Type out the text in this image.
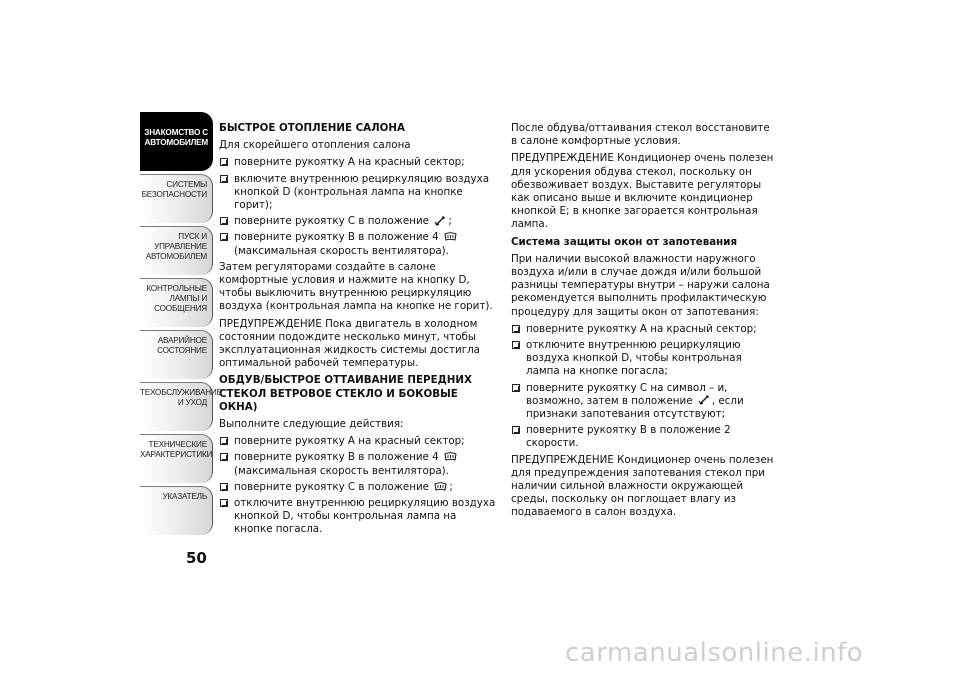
ЗНАКОМСТВО С
АВТОМОБИЛЕМ
СИСТЕМЫ
БЕЗОПАСНОСТИ
ПУСК И УПРАВЛЕНИЕ
АВТОМОБИЛЕМ
КОНТРОЛЬНЫЕ
ЛАМПЫ И
СООБЩЕНИЯ
АВАРИЙНОЕ
СОСТОЯНИЕ
ТЕХОБСЛУЖИВАНИЕ
И УХОД
ТЕХНИЧЕСКИЕ
ХАРАКТЕРИСТИКИ
УКАЗАТЕЛЬ
50
БЫСТРОЕ ОТОПЛЕНИЕ САЛОНА
Для скорейшего отопления салона
поверните рукоятку А на красный сектор;
включите внутреннюю рециркуляцию воздуха кнопкой D (контрольная лампа на кнопке горит);
поверните рукоятку С в положение ;
поверните рукоятку В в положение 4
(максимальная скорость вентилятора).
Затем регуляторами создайте в салоне комфортные условия и нажмите на кнопку D, чтобы выключить внутреннюю рециркуляцию воздуха (контрольная лампа на кнопке не горит).
ПРЕДУПРЕЖДЕНИЕ Пока двигатель в холодном состоянии подождите несколько минут, чтобы эксплуатационная жидкость системы достигла оптимальной рабочей температуры.
ОБДУВ/БЫСТРОЕ ОТТАИВАНИЕ ПЕРЕДНИХ СТЕКОЛ ВЕТРОВОЕ СТЕКЛО И БОКОВЫЕ ОКНА)
Выполните следующие действия:
поверните рукоятку А на красный сектор;
поверните рукоятку В в положение 4
(максимальная скорость вентилятора).
поверните рукоятку С в положение ;
отключите внутреннюю рециркуляцию воздуха кнопкой D, чтобы контрольная лампа на кнопке погасла.
После обдува/оттаивания стекол восстановите в салоне комфортные условия.
ПРЕДУПРЕЖДЕНИЕ Кондиционер очень полезен для ускорения обдува стекол, поскольку он обезвоживает воздух. Выставите регуляторы как описано выше и включите кондиционер кнопкой E; в кнопке загорается контрольная лампа.
Система защиты окон от запотевания
При наличии высокой влажности наружного воздуха и/или в случае дождя и/или большой разницы температуры внутри – наружи салона рекомендуется выполнить профилактическую процедуру для защиты окон от запотевания:
поверните рукоятку А на красный сектор;
отключите внутреннюю рециркуляцию воздуха кнопкой D, чтобы контрольная лампа на кнопке погасла;
поверните рукоятку С на символ – и, возможно, затем в положение , если признаки запотевания отсутствуют;
поверните рукоятку В в положение 2 скорости.
ПРЕДУПРЕЖДЕНИЕ Кондиционер очень полезен для предупреждения запотевания стекол при наличии сильной влажности окружающей среды, поскольку он поглощает влагу из подаваемого в салон воздуха.
carmanualsonline.info
